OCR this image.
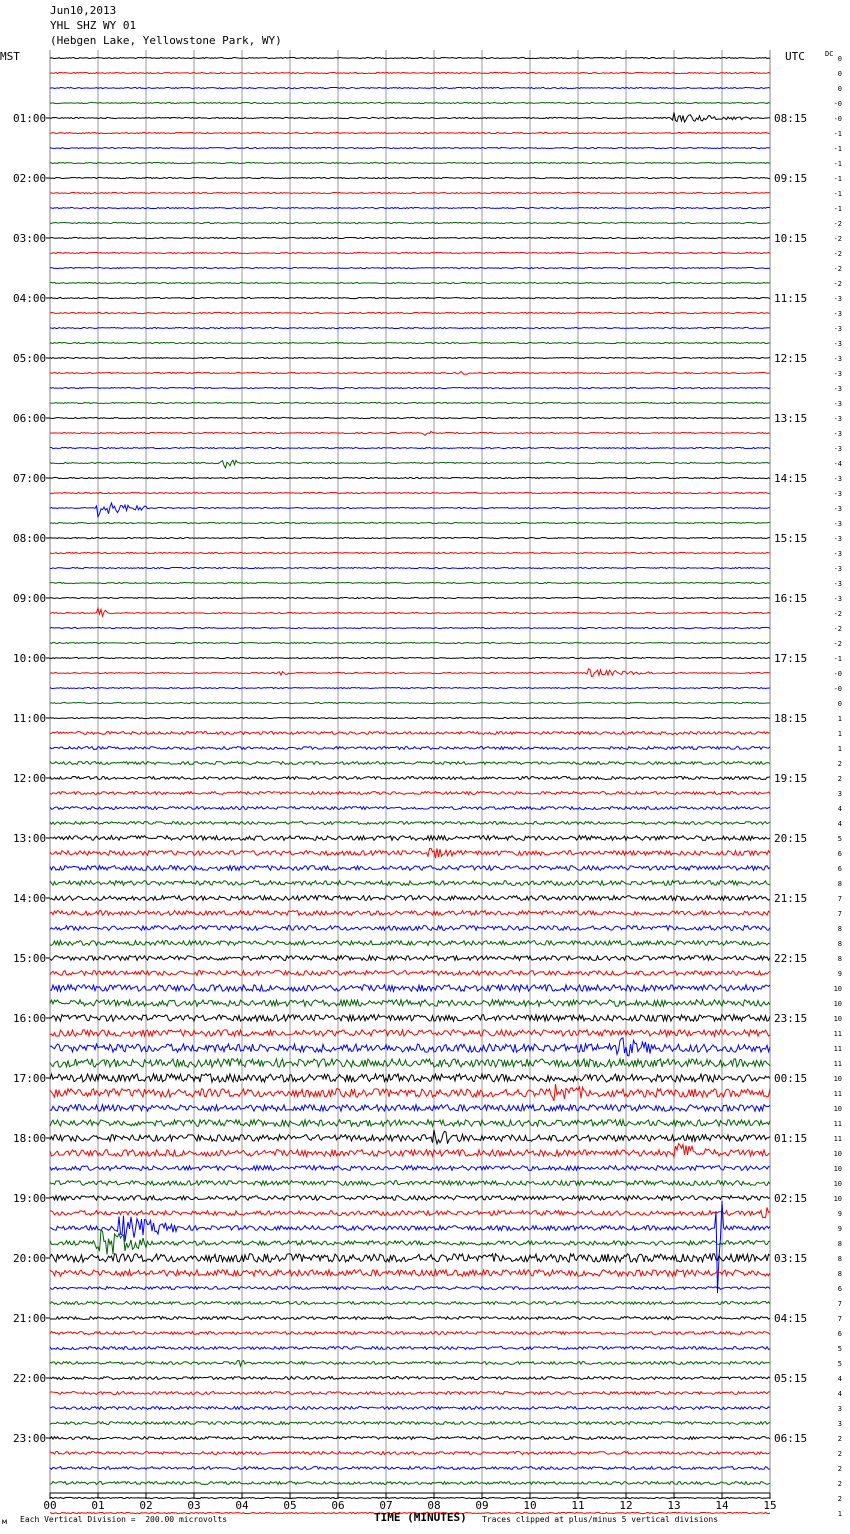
Jun10,2013
YHL SHZ WY 01
(Hebgen Lake, Yellowstone Park, WY)
00	01	02	03	04	05	06	07	08	09	10	11	12	13	14	15
0
0
0
-0
-0
-1
-1
-1
-1
-1
-1
-2
-2
-2
-2
-2
-3
-3
-3
-3
-3
-3
-3
-3
-3
-3
-3
-4
-3
-3
-3
-3
-3
-3
-3
-3
-3
-2
-2
-2
-1
-0
-0
0
1
1
1
2
2
3
4
4
5
6
6
8
7
7
8
8
8
9
10
10
10
11
11
11
10
11
10
11
11
10
10
10
10
9
9
8
8
8
6
7
7
6
5
5
4
4
3
3
2
2
2
2
2
1
01:00
02:00
03:00
04:00
05:00
06:00
07:00
08:00
09:00
10:00
11:00
12:00
13:00
14:00
15:00
16:00
17:00
18:00
19:00
20:00
21:00
22:00
23:00
08:15
09:15
10:15
11:15
12:15
13:15
14:15
15:15
16:15
17:15
18:15
19:15
20:15
21:15
22:15
23:15
00:15
01:15
02:15
03:15
04:15
05:15
06:15
MST	UTC	DC
м Each Vertical Division =  200.00 microvolts	TIME (MINUTES) Traces clipped at plus/minus 5 vertical divisions
